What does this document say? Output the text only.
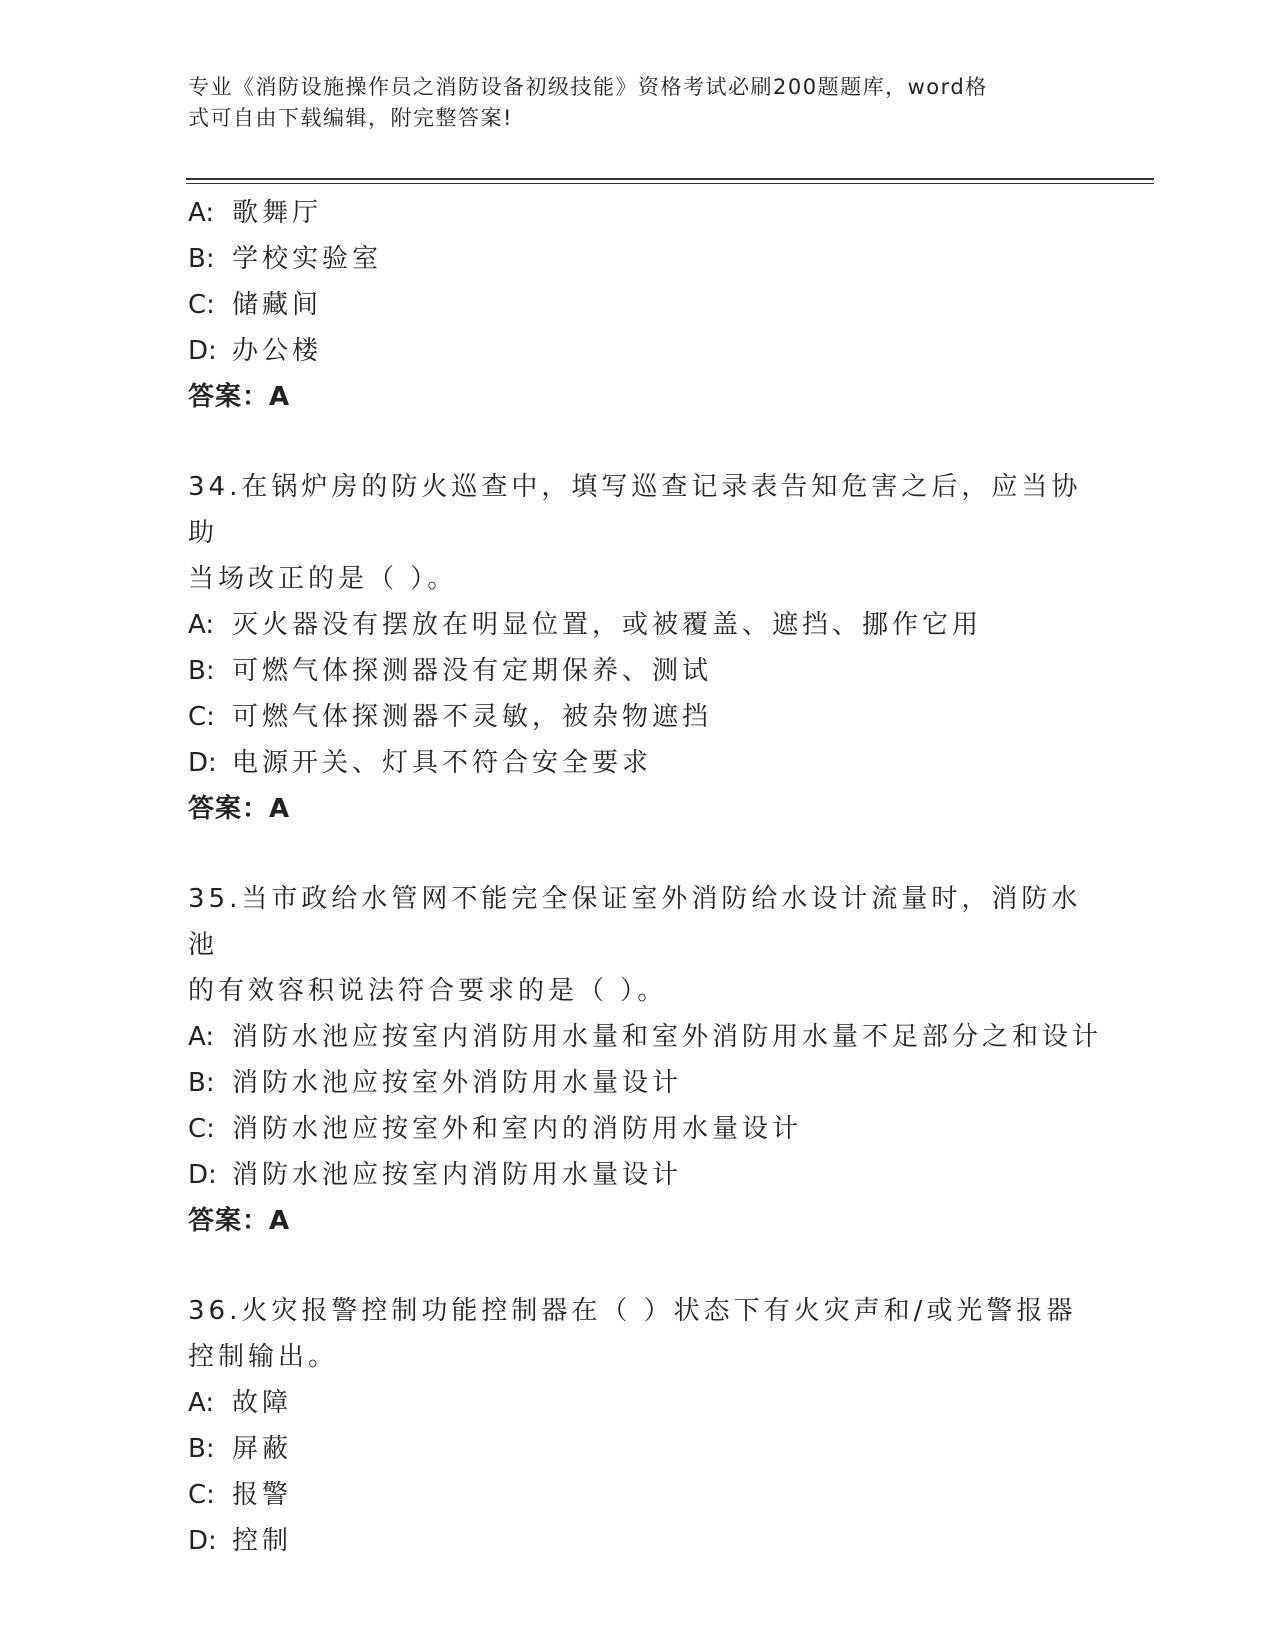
专业《消防设施操作员之消防设备初级技能》资格考试必刷200题题库，word格
式可自由下载编辑，附完整答案!
A: 歌舞厅
B: 学校实验室
C: 储藏间
D: 办公楼
答案：A
34.在锅炉房的防火巡查中，填写巡查记录表告知危害之后，应当协助
当场改正的是（ ）。
A: 灭火器没有摆放在明显位置，或被覆盖、遮挡、挪作它用
B: 可燃气体探测器没有定期保养、测试
C: 可燃气体探测器不灵敏，被杂物遮挡
D: 电源开关、灯具不符合安全要求
答案：A
35.当市政给水管网不能完全保证室外消防给水设计流量时，消防水池
的有效容积说法符合要求的是（ ）。
A: 消防水池应按室内消防用水量和室外消防用水量不足部分之和设计
B: 消防水池应按室外消防用水量设计
C: 消防水池应按室外和室内的消防用水量设计
D: 消防水池应按室内消防用水量设计
答案：A
36.火灾报警控制功能控制器在（ ）状态下有火灾声和/或光警报器
控制输出。
A: 故障
B: 屏蔽
C: 报警
D: 控制
